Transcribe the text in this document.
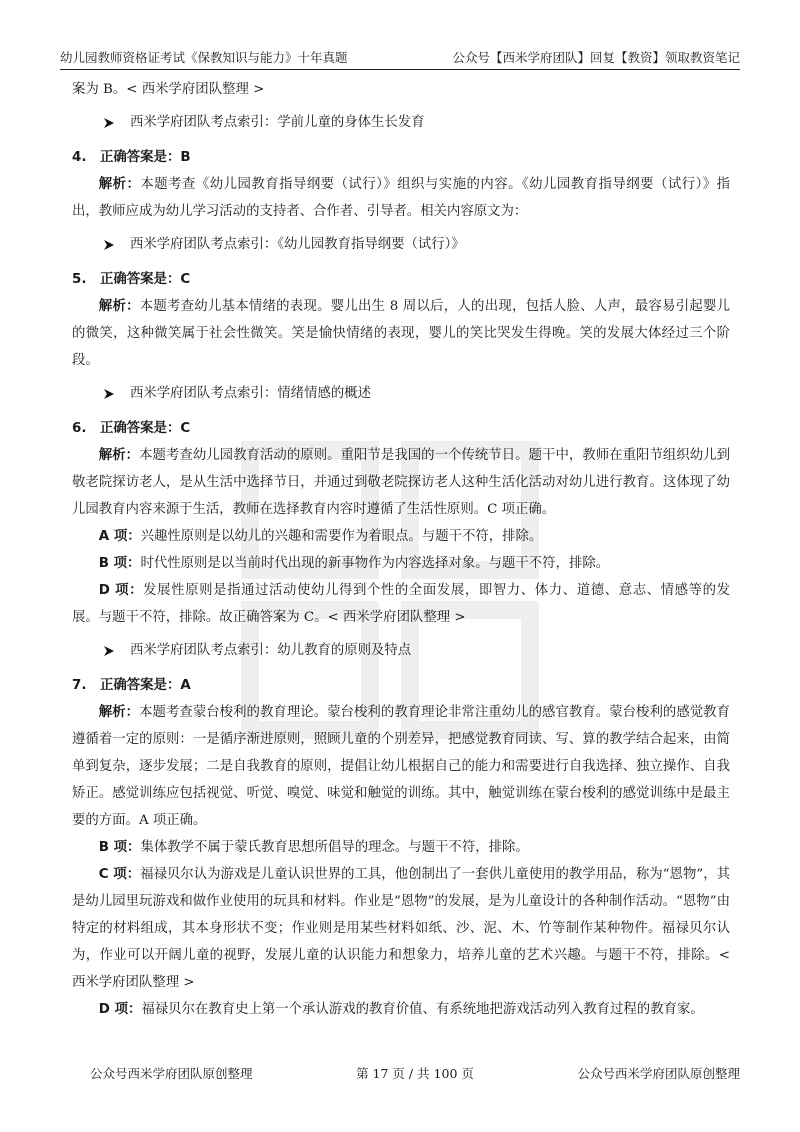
幼儿园教师资格证考试《保教知识与能力》十年真题	公众号【西米学府团队】回复【教资】领取教资笔记

案为 B。< 西米学府团队整理 >

西米学府团队考点索引：学前儿童的身体生长发育
4.	正确答案是：B

解析：本题考查《幼儿园教育指导纲要（试行）》组织与实施的内容。《幼儿园教育指导纲要（试行）》指出，教师应成为幼儿学习活动的支持者、合作者、引导者。相关内容原文为：

西米学府团队考点索引：《幼儿园教育指导纲要（试行）》
5.	正确答案是：C

解析：本题考查幼儿基本情绪的表现。婴儿出生 8 周以后，人的出现，包括人脸、人声，最容易引起婴儿的微笑，这种微笑属于社会性微笑。笑是愉快情绪的表现，婴儿的笑比哭发生得晚。笑的发展大体经过三个阶段。

西米学府团队考点索引：情绪情感的概述
6.	正确答案是：C

解析：本题考查幼儿园教育活动的原则。重阳节是我国的一个传统节日。题干中，教师在重阳节组织幼儿到敬老院探访老人，是从生活中选择节日，并通过到敬老院探访老人这种生活化活动对幼儿进行教育。这体现了幼儿园教育内容来源于生活，教师在选择教育内容时遵循了生活性原则。C 项正确。

A 项：兴趣性原则是以幼儿的兴趣和需要作为着眼点。与题干不符，排除。

B 项：时代性原则是以当前时代出现的新事物作为内容选择对象。与题干不符，排除。

D 项：发展性原则是指通过活动使幼儿得到个性的全面发展，即智力、体力、道德、意志、情感等的发展。与题干不符，排除。故正确答案为 C。< 西米学府团队整理 >

西米学府团队考点索引：幼儿教育的原则及特点
7.	正确答案是：A

解析：本题考查蒙台梭利的教育理论。蒙台梭利的教育理论非常注重幼儿的感官教育。蒙台梭利的感觉教育遵循着一定的原则：一是循序渐进原则，照顾儿童的个别差异，把感觉教育同读、写、算的教学结合起来，由简单到复杂，逐步发展；二是自我教育的原则，提倡让幼儿根据自己的能力和需要进行自我选择、独立操作、自我矫正。感觉训练应包括视觉、听觉、嗅觉、味觉和触觉的训练。其中，触觉训练在蒙台梭利的感觉训练中是最主要的方面。A 项正确。

B 项：集体教学不属于蒙氏教育思想所倡导的理念。与题干不符，排除。

C 项：福禄贝尔认为游戏是儿童认识世界的工具，他创制出了一套供儿童使用的教学用品，称为“恩物”，其是幼儿园里玩游戏和做作业使用的玩具和材料。作业是“恩物”的发展，是为儿童设计的各种制作活动。“恩物”由特定的材料组成，其本身形状不变；作业则是用某些材料如纸、沙、泥、木、竹等制作某种物件。福禄贝尔认为，作业可以开阔儿童的视野，发展儿童的认识能力和想象力，培养儿童的艺术兴趣。与题干不符，排除。< 西米学府团队整理 >

D 项：福禄贝尔在教育史上第一个承认游戏的教育价值、有系统地把游戏活动列入教育过程的教育家。

公众号西米学府团队原创整理	第 17 页 / 共 100 页	公众号西米学府团队原创整理
